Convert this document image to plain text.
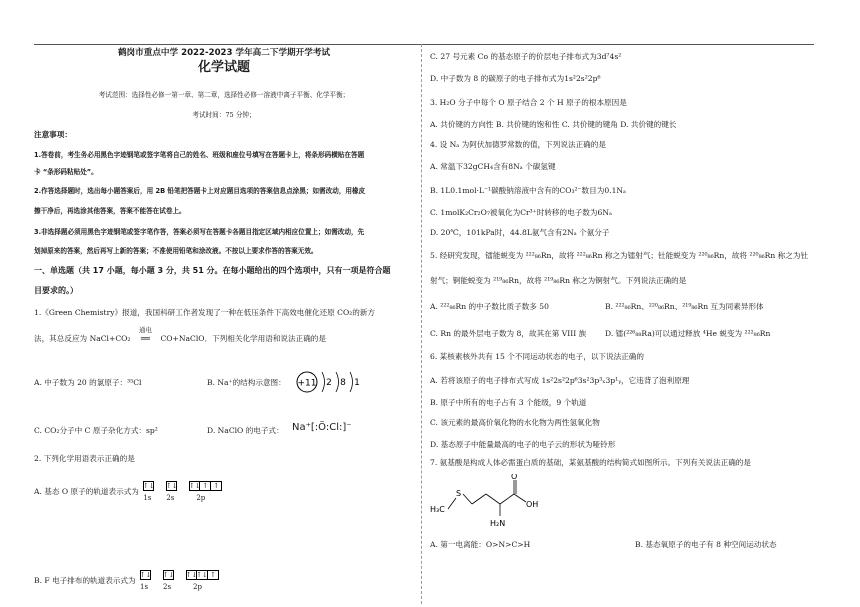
鹤岗市重点中学 2022-2023 学年高二下学期开学考试
化学试题
考试范围：选择性必修一第一章、第二章，选择性必修一溶液中离子平衡、化学平衡；
考试时间：75 分钟；
注意事项：
1.答卷前，考生务必用黑色字迹钢笔或签字笔将自己的姓名、班级和座位号填写在答题卡上，将条形码横贴在答题
卡 “条形码粘贴处”。
2.作答选择题时，选出每小题答案后，用 2B 铅笔把答题卡上对应题目选项的答案信息点涂黑；如需改动，用橡皮
擦干净后，再选涂其他答案，答案不能答在试卷上。
3.非选择题必须用黑色字迹钢笔或签字笔作答，答案必须写在答题卡各题目指定区域内相应位置上；如需改动，先
划掉原来的答案，然后再写上新的答案；不准使用铅笔和涂改液。不按以上要求作答的答案无效。
一、单选题（共 17 小题，每小题 3 分，共 51 分。在每小题给出的四个选项中，只有一项是符合题
目要求的。）
1.《Green Chemistry》报道，我国科研工作者发现了一种在低压条件下高效电催化还原 CO₂的新方
法，其总反应为 NaCl+CO₂
通电
══ CO+NaClO．下列相关化学用语和说法正确的是
A. 中子数为 20 的氯原子：³⁵Cl	B. Na⁺的结构示意图： +11 2 8 1
C. CO₂分子中 C 原子杂化方式：sp²	D. NaClO 的电子式： Na⁺[:Ö:Cl:]⁻
2. 下列化学用语表示正确的是
A. 基态 O 原子的轨道表示式为
↑↓ ↑↓ ↑↓ ↑ ↑
1s 2s	2p
B. F 电子排布的轨道表示式为
↑↓ ↑↓ ↑↓
↑↓ ↑
1s 2s	2p
C. 27 号元素 Co 的基态原子的价层电子排布式为3d⁷4s²
D. 中子数为 8 的碳原子的电子排布式为1s²2s²2p⁶
3. H₂O 分子中每个 O 原子结合 2 个 H 原子的根本原因是
A. 共价键的方向性 B. 共价键的饱和性 C. 共价键的键角 D. 共价键的键长
4. 设 Nₐ 为阿伏加德罗常数的值，下列说法正确的是
A. 常温下32gCH₄含有8Nₐ 个碳氢键
B. 1L0.1mol·L⁻¹碳酸钠溶液中含有的CO₃²⁻数目为0.1Nₐ
C. 1molK₂Cr₂O₇被氧化为Cr³⁺时转移的电子数为6Nₐ
D. 20℃，101kPa时，44.8L氨气含有2Nₐ 个氨分子
5. 经研究发现，镭能蜕变为 ²²²₈₆Rn，故将 ²²²₈₆Rn 称之为镭射气；钍能蜕变为 ²²⁰₈₆Rn，故将 ²²⁰₈₆Rn 称之为钍
射气；锕能蜕变为 ²¹⁹₈₆Rn，故将 ²¹⁹₈₆Rn 称之为锕射气。下列说法正确的是
A. ²²²₈₆Rn 的中子数比质子数多 50	B. ²²²₈₆Rn、²²⁰₈₆Rn、²¹⁹₈₆Rn 互为同素异形体
C. Rn 的最外层电子数为 8，故其在第 VIII 族 D. 镭(²²⁶₈₈Ra)可以通过释放 ⁴He 蜕变为 ²²²₈₆Rn
6. 某核素核外共有 15 个不同运动状态的电子，以下说法正确的
A. 若将该原子的电子排布式写成 1s²2s²2p⁶3s²3p³ₓ3p¹ᵧ，它违背了泡利原理
B. 原子中所有的电子占有 3 个能级，9 个轨道
C. 该元素的最高价氧化物的水化物为两性氢氧化物
D. 基态原子中能量最高的电子的电子云的形状为哑铃形
7. 氨基酸是构成人体必需蛋白质的基础，某氨基酸的结构简式如图所示。下列有关说法正确的是
H₃C
S
O
OH
H₂N
A. 第一电离能：O>N>C>H	B. 基态氧原子的电子有 8 种空间运动状态
